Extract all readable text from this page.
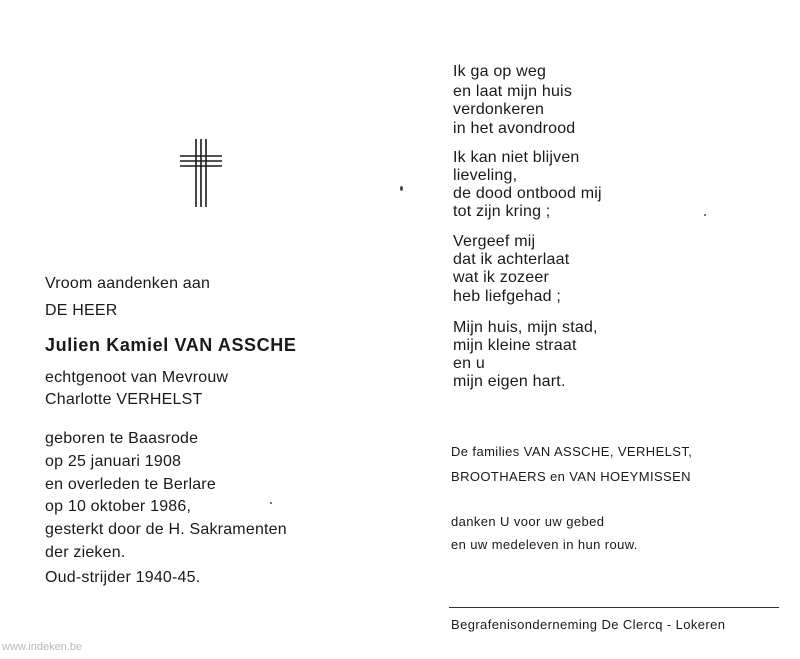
Vroom aandenken aan
DE HEER
Julien Kamiel VAN ASSCHE
echtgenoot van Mevrouw
Charlotte VERHELST
geboren te Baasrode
op 25 januari 1908
en overleden te Berlare
op 10 oktober 1986,
gesterkt door de H. Sakramenten
der zieken.
Oud-strijder 1940-45.
Ik ga op weg
en laat mijn huis
verdonkeren
in het avondrood
Ik kan niet blijven
lieveling,
de dood ontbood mij
tot zijn kring ;
Vergeef mij
dat ik achterlaat
wat ik zozeer
heb liefgehad ;
Mijn huis, mijn stad,
mijn kleine straat
en u
mijn eigen hart.
De families VAN ASSCHE, VERHELST,
BROOTHAERS en VAN HOEYMISSEN
danken U voor uw gebed
en uw medeleven in hun rouw.
Begrafenisonderneming De Clercq - Lokeren
www.indeken.be
